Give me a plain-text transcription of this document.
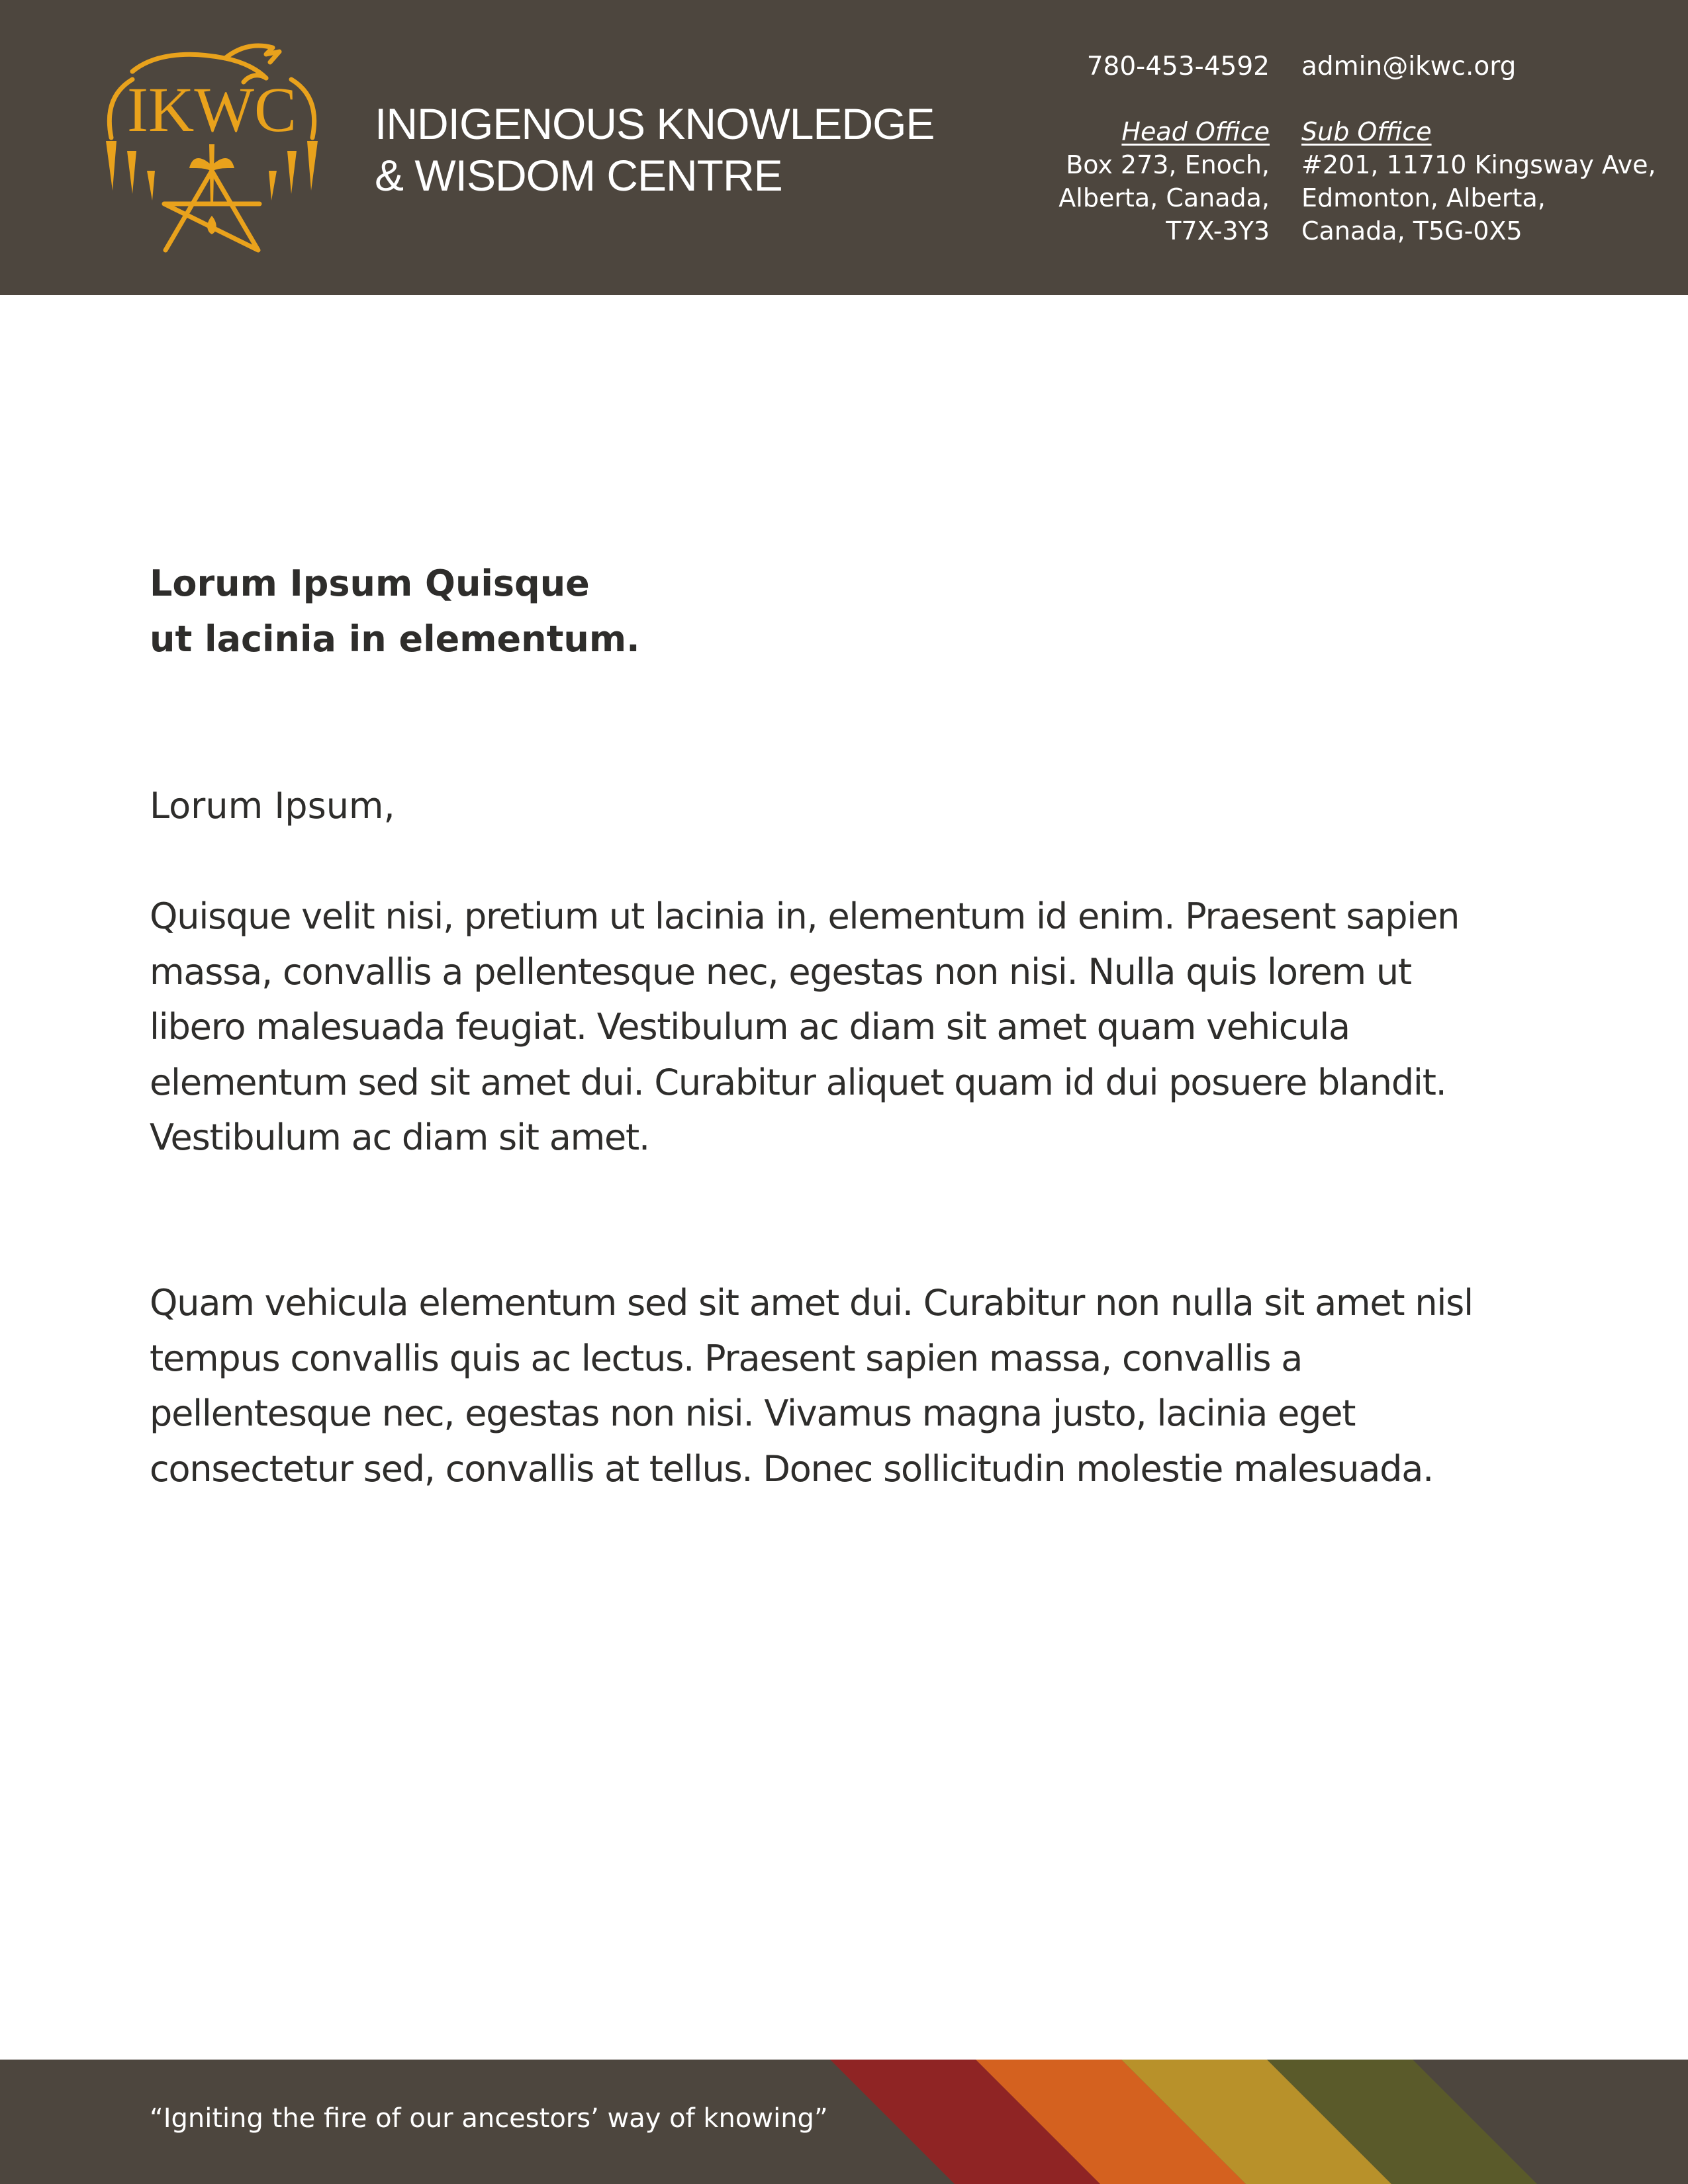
IKWC INDIGENOUS KNOWLEDGE
& WISDOM CENTRE
780-453-4592 admin@ikwc.org
Head Office
Box 273, Enoch,
Alberta, Canada,
T7X-3Y3
Sub Office
#201, 11710 Kingsway Ave,
Edmonton, Alberta,
Canada, T5G-0X5
Lorum Ipsum Quisque
ut lacinia in elementum.
Lorum Ipsum,
Quisque velit nisi, pretium ut lacinia in, elementum id enim. Praesent sapien
massa, convallis a pellentesque nec, egestas non nisi. Nulla quis lorem ut
libero malesuada feugiat. Vestibulum ac diam sit amet quam vehicula
elementum sed sit amet dui. Curabitur aliquet quam id dui posuere blandit.
Vestibulum ac diam sit amet.
Quam vehicula elementum sed sit amet dui. Curabitur non nulla sit amet nisl
tempus convallis quis ac lectus. Praesent sapien massa, convallis a
pellentesque nec, egestas non nisi. Vivamus magna justo, lacinia eget
consectetur sed, convallis at tellus. Donec sollicitudin molestie malesuada.
“Igniting the fire of our ancestors’ way of knowing”
